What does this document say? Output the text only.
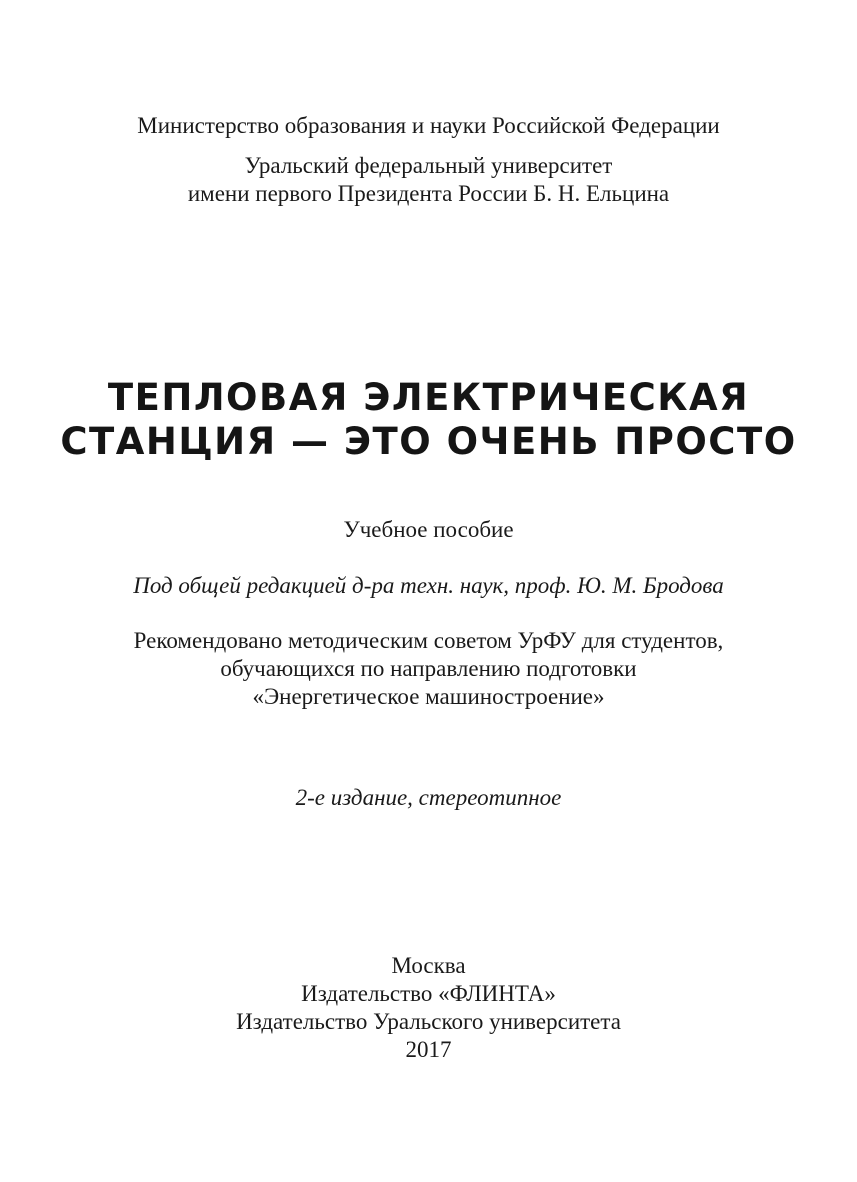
Министерство образования и науки Российской Федерации
Уральский федеральный университет
имени первого Президента России Б. Н. Ельцина
ТЕПЛОВАЯ ЭЛЕКТРИЧЕСКАЯ
СТАНЦИЯ — ЭТО ОЧЕНЬ ПРОСТО
Учебное пособие
Под общей редакцией д-ра техн. наук, проф. Ю. М. Бродова
Рекомендовано методическим советом УрФУ для студентов,
обучающихся по направлению подготовки
«Энергетическое машиностроение»
2-е издание, стереотипное
Москва
Издательство «ФЛИНТА»
Издательство Уральского университета
2017
